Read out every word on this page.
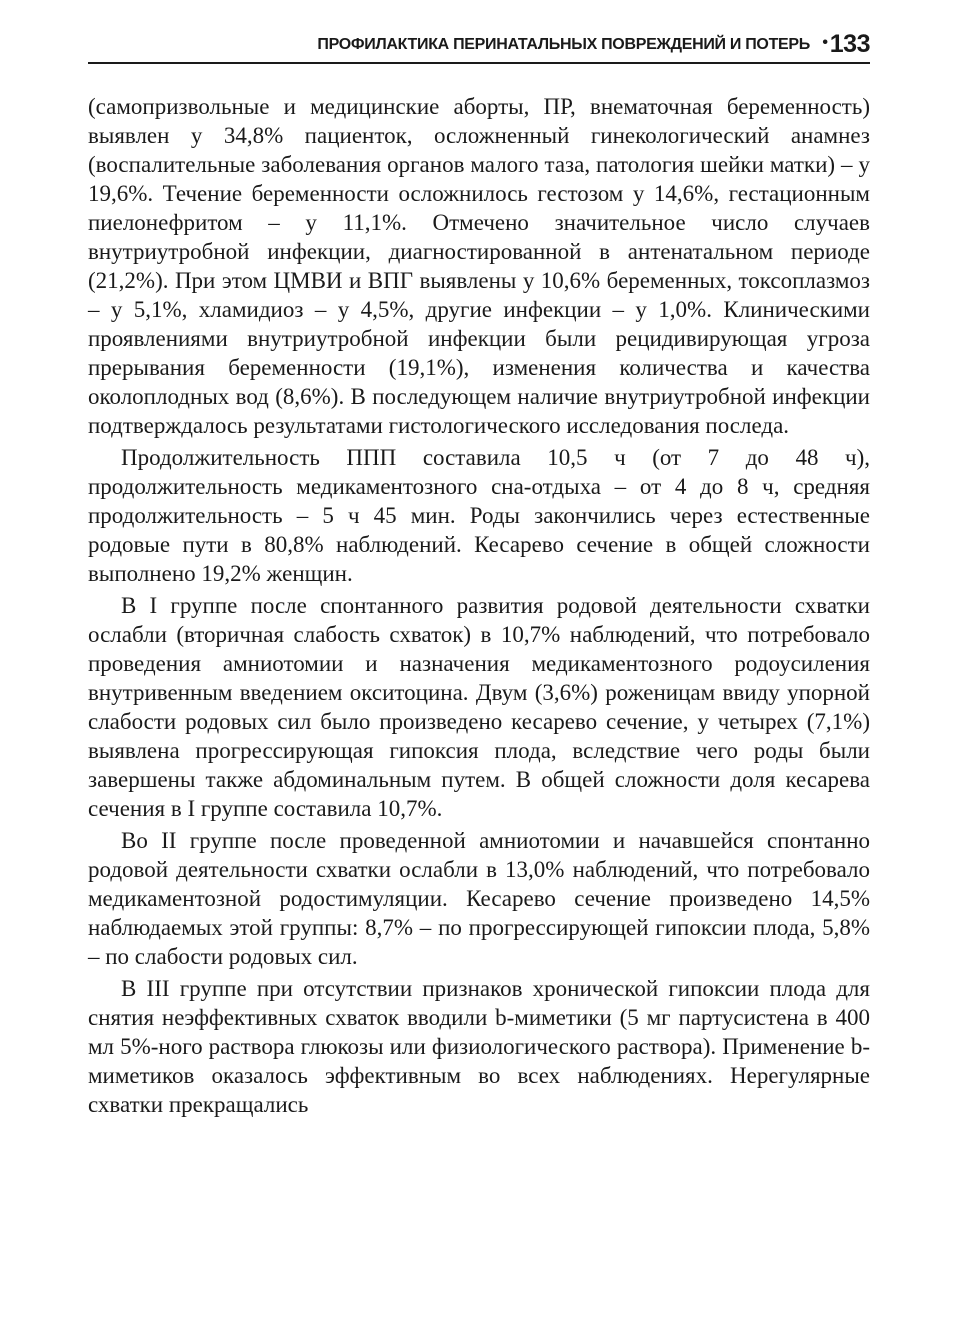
ПРОФИЛАКТИКА ПЕРИНАТАЛЬНЫХ ПОВРЕЖДЕНИЙ И ПОТЕРЬ • 133

(самопризвольные и медицинские аборты, ПР, внематочная беременность) выявлен у 34,8% пациенток, осложненный гинекологический анамнез (воспалительные заболевания органов малого таза, патология шейки матки) – у 19,6%. Течение беременности осложнилось гестозом у 14,6%, гестационным пиелонефритом – у 11,1%. Отмечено значительное число случаев внутриутробной инфекции, диагностированной в антенатальном периоде (21,2%). При этом ЦМВИ и ВПГ выявлены у 10,6% беременных, токсоплазмоз – у 5,1%, хламидиоз – у 4,5%, другие инфекции – у 1,0%. Клиническими проявлениями внутриутробной инфекции были рецидивирующая угроза прерывания беременности (19,1%), изменения количества и качества околоплодных вод (8,6%). В последующем наличие внутриутробной инфекции подтверждалось результатами гистологического исследования последа.

Продолжительность ППП составила 10,5 ч (от 7 до 48 ч), продолжительность медикаментозного сна-отдыха – от 4 до 8 ч, средняя продолжительность – 5 ч 45 мин. Роды закончились через естественные родовые пути в 80,8% наблюдений. Кесарево сечение в общей сложности выполнено 19,2% женщин.

В I группе после спонтанного развития родовой деятельности схватки ослабли (вторичная слабость схваток) в 10,7% наблюдений, что потребовало проведения амниотомии и назначения медикаментозного родоусиления внутривенным введением окситоцина. Двум (3,6%) роженицам ввиду упорной слабости родовых сил было произведено кесарево сечение, у четырех (7,1%) выявлена прогрессирующая гипоксия плода, вследствие чего роды были завершены также абдоминальным путем. В общей сложности доля кесарева сечения в I группе составила 10,7%.

Во II группе после проведенной амниотомии и начавшейся спонтанно родовой деятельности схватки ослабли в 13,0% наблюдений, что потребовало медикаментозной родостимуляции. Кесарево сечение произведено 14,5% наблюдаемых этой группы: 8,7% – по прогрессирующей гипоксии плода, 5,8% – по слабости родовых сил.

В III группе при отсутствии признаков хронической гипоксии плода для снятия неэффективных схваток вводили b-миметики (5 мг партусистена в 400 мл 5%-ного раствора глюкозы или физиологического раствора). Применение b-миметиков оказалось эффективным во всех наблюдениях. Нерегулярные схватки прекращались
